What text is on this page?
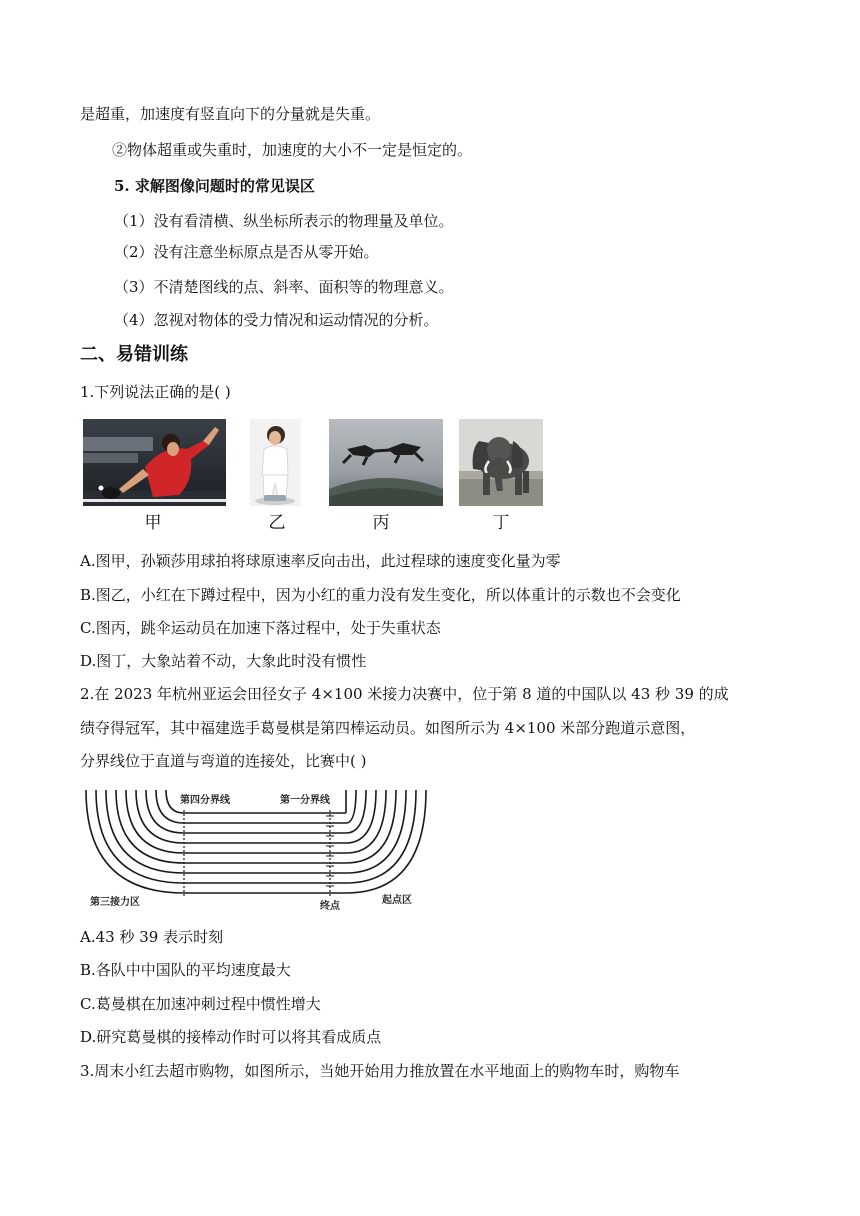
是超重，加速度有竖直向下的分量就是失重。
②物体超重或失重时，加速度的大小不一定是恒定的。
5. 求解图像问题时的常见误区
（1）没有看清横、纵坐标所表示的物理量及单位。
（2）没有注意坐标原点是否从零开始。
（3）不清楚图线的点、斜率、面积等的物理意义。
（4）忽视对物体的受力情况和运动情况的分析。
二、易错训练
1.下列说法正确的是( )
甲	乙	丙	丁
A.图甲，孙颖莎用球拍将球原速率反向击出，此过程球的速度变化量为零
B.图乙，小红在下蹲过程中，因为小红的重力没有发生变化，所以体重计的示数也不会变化
C.图丙，跳伞运动员在加速下落过程中，处于失重状态
D.图丁，大象站着不动，大象此时没有惯性
2.在 2023 年杭州亚运会田径女子 4×100 米接力决赛中，位于第 8 道的中国队以 43 秒 39 的成
绩夺得冠军，其中福建选手葛曼棋是第四棒运动员。如图所示为 4×100 米部分跑道示意图，
分界线位于直道与弯道的连接处，比赛中( )
第四分界线	第一分界线
第三接力区	终点
起点区
A.43 秒 39 表示时刻
B.各队中中国队的平均速度最大
C.葛曼棋在加速冲刺过程中惯性增大
D.研究葛曼棋的接棒动作时可以将其看成质点
3.周末小红去超市购物，如图所示，当她开始用力推放置在水平地面上的购物车时，购物车
